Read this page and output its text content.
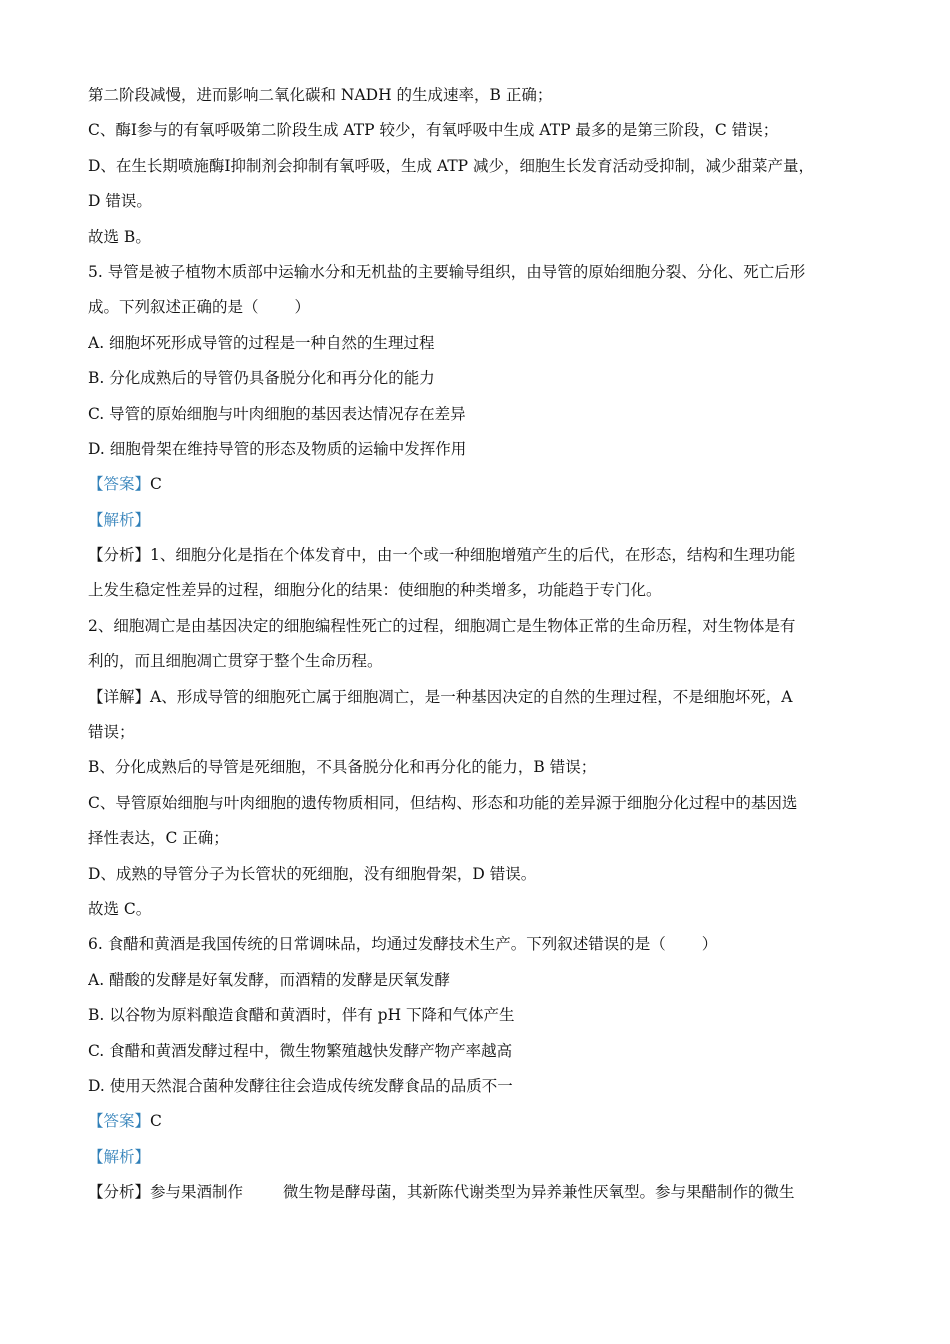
第二阶段减慢，进而影响二氧化碳和 NADH 的生成速率，B 正确；
C、酶Ⅰ参与的有氧呼吸第二阶段生成 ATP 较少，有氧呼吸中生成 ATP 最多的是第三阶段，C 错误；
D、在生长期喷施酶Ⅰ抑制剂会抑制有氧呼吸，生成 ATP 减少，细胞生长发育活动受抑制，减少甜菜产量，
D 错误。
故选 B。
5. 导管是被子植物木质部中运输水分和无机盐的主要输导组织，由导管的原始细胞分裂、分化、死亡后形
成。下列叙述正确的是（ ）
A. 细胞坏死形成导管的过程是一种自然的生理过程
B. 分化成熟后的导管仍具备脱分化和再分化的能力
C. 导管的原始细胞与叶肉细胞的基因表达情况存在差异
D. 细胞骨架在维持导管的形态及物质的运输中发挥作用
【答案】C
【解析】
【分析】1、细胞分化是指在个体发育中，由一个或一种细胞增殖产生的后代，在形态，结构和生理功能
上发生稳定性差异的过程，细胞分化的结果：使细胞的种类增多，功能趋于专门化。
2、细胞凋亡是由基因决定的细胞编程性死亡的过程，细胞凋亡是生物体正常的生命历程，对生物体是有
利的，而且细胞凋亡贯穿于整个生命历程。
【详解】A、形成导管的细胞死亡属于细胞凋亡，是一种基因决定的自然的生理过程，不是细胞坏死，A
错误；
B、分化成熟后的导管是死细胞，不具备脱分化和再分化的能力，B 错误；
C、导管原始细胞与叶肉细胞的遗传物质相同，但结构、形态和功能的差异源于细胞分化过程中的基因选
择性表达，C 正确；
D、成熟的导管分子为长管状的死细胞，没有细胞骨架，D 错误。
故选 C。
6. 食醋和黄酒是我国传统的日常调味品，均通过发酵技术生产。下列叙述错误的是（ ）
A. 醋酸的发酵是好氧发酵，而酒精的发酵是厌氧发酵
B. 以谷物为原料酿造食醋和黄酒时，伴有 pH 下降和气体产生
C. 食醋和黄酒发酵过程中，微生物繁殖越快发酵产物产率越高
D. 使用天然混合菌种发酵往往会造成传统发酵食品的品质不一
【答案】C
【解析】
【分析】参与果酒制作	微生物是酵母菌，其新陈代谢类型为异养兼性厌氧型。参与果醋制作的微生
